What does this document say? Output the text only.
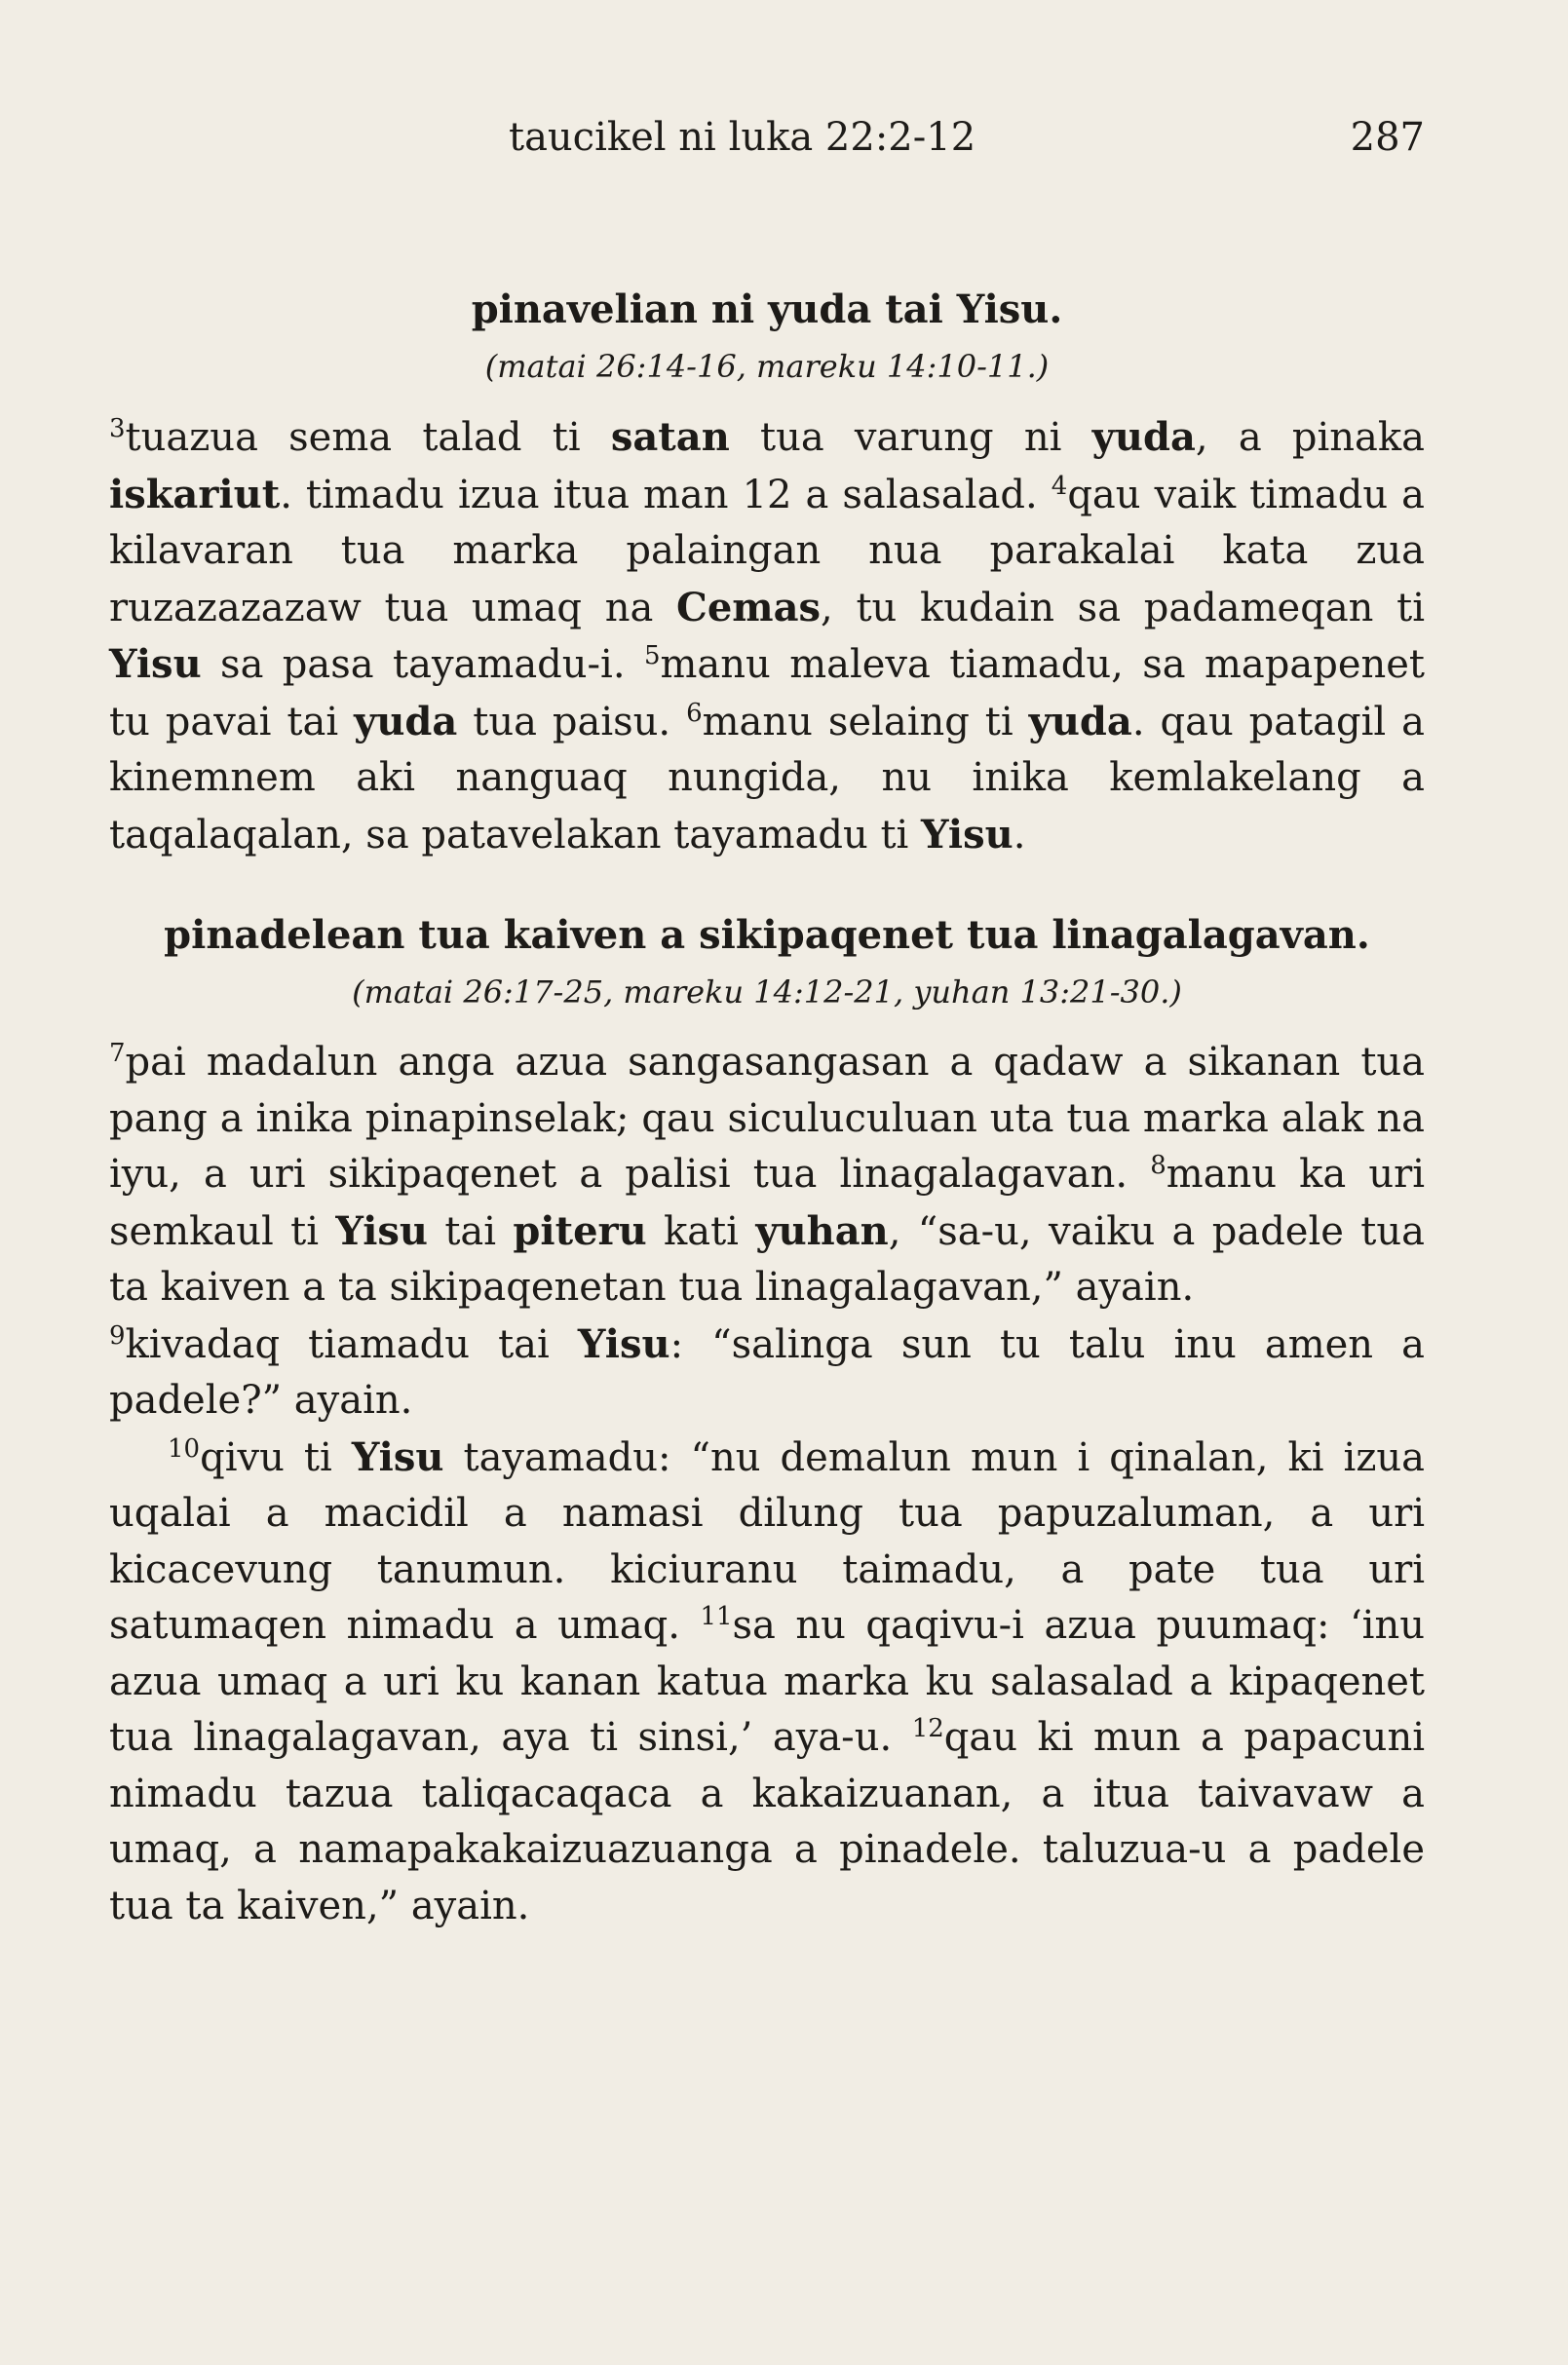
taucikel ni luka 22:2-12	287
pinavelian ni yuda tai Yisu.
(matai 26:14-16, mareku 14:10-11.)

$^3$tuazua sema talad ti satan tua varung ni yuda, a pinaka iskariut. timadu izua itua man 12 a salasalad. $^4$qau vaik timadu a kilavaran tua marka palaingan nua parakalai kata zua ruzazazazaw tua umaq na Cemas, tu kudain sa padameqan ti Yisu sa pasa tayamadu-i. $^5$manu maleva tiamadu, sa mapapenet tu pavai tai yuda tua paisu. $^6$manu selaing ti yuda. qau patagil a kinemnem aki nanguaq nungida, nu inika kemlakelang a taqalaqalan, sa patavelakan tayamadu ti Yisu.

pinadelean tua kaiven a sikipaqenet tua linagalagavan.
(matai 26:17-25, mareku 14:12-21, yuhan 13:21-30.)

$^7$pai madalun anga azua sangasangasan a qadaw a sikanan tua pang a inika pinapinselak; qau siculuculuan uta tua marka alak na iyu, a uri sikipaqenet a palisi tua linagalagavan. $^8$manu ka uri semkaul ti Yisu tai piteru kati yuhan, “sa-u, vaiku a padele tua ta kaiven a ta sikipaqenetan tua linagalagavan,” ayain.

$^9$kivadaq tiamadu tai Yisu: “salinga sun tu talu inu amen a padele?” ayain.

$^{10}$qivu ti Yisu tayamadu: “nu demalun mun i qinalan, ki izua uqalai a macidil a namasi dilung tua papuzaluman, a uri kicacevung tanumun. kiciuranu taimadu, a pate tua uri satumaqen nimadu a umaq. $^{11}$sa nu qaqivu-i azua puumaq: ‘inu azua umaq a uri ku kanan katua marka ku salasalad a kipaqenet tua linagalagavan, aya ti sinsi,’ aya-u. $^{12}$qau ki mun a papacuni nimadu tazua taliqacaqaca a kakaizuanan, a itua taivavaw a umaq, a namapakakaizuazuanga a pinadele. taluzua-u a padele tua ta kaiven,” ayain.
